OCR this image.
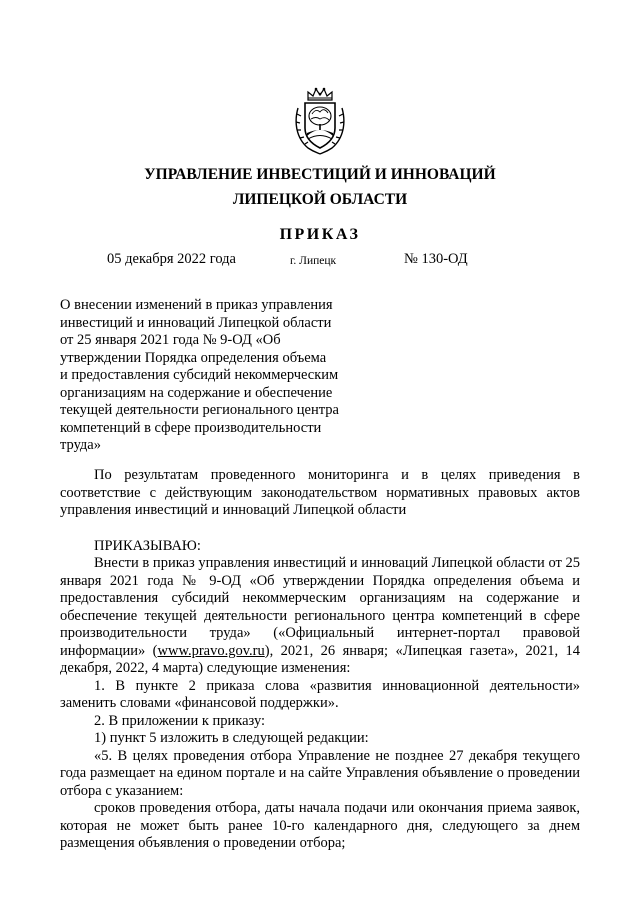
УПРАВЛЕНИЕ ИНВЕСТИЦИЙ И ИННОВАЦИЙ
ЛИПЕЦКОЙ ОБЛАСТИ
ПРИКАЗ
05 декабря 2022 года	г. Липецк	№ 130-ОД
О внесении изменений в приказ управления
инвестиций и инноваций Липецкой области
от 25 января 2021 года № 9-ОД «Об
утверждении Порядка определения объема
и предоставления субсидий некоммерческим
организациям на содержание и обеспечение
текущей деятельности регионального центра
компетенций в сфере производительности
труда»

По результатам проведенного мониторинга и в целях приведения в соответствие с действующим законодательством нормативных правовых актов управления инвестиций и инноваций Липецкой области

ПРИКАЗЫВАЮ:

Внести в приказ управления инвестиций и инноваций Липецкой области от 25 января 2021 года № 9-ОД «Об утверждении Порядка определения объема и предоставления субсидий некоммерческим организациям на содержание и обеспечение текущей деятельности регионального центра компетенций в сфере производительности труда» («Официальный интернет-портал правовой информации» (www.pravo.gov.ru), 2021, 26 января; «Липецкая газета», 2021, 14 декабря, 2022, 4 марта) следующие изменения:

1. В пункте 2 приказа слова «развития инновационной деятельности» заменить словами «финансовой поддержки».

2. В приложении к приказу:

1) пункт 5 изложить в следующей редакции:

«5. В целях проведения отбора Управление не позднее 27 декабря текущего года размещает на едином портале и на сайте Управления объявление о проведении отбора с указанием:

сроков проведения отбора, даты начала подачи или окончания приема заявок, которая не может быть ранее 10-го календарного дня, следующего за днем размещения объявления о проведении отбора;
